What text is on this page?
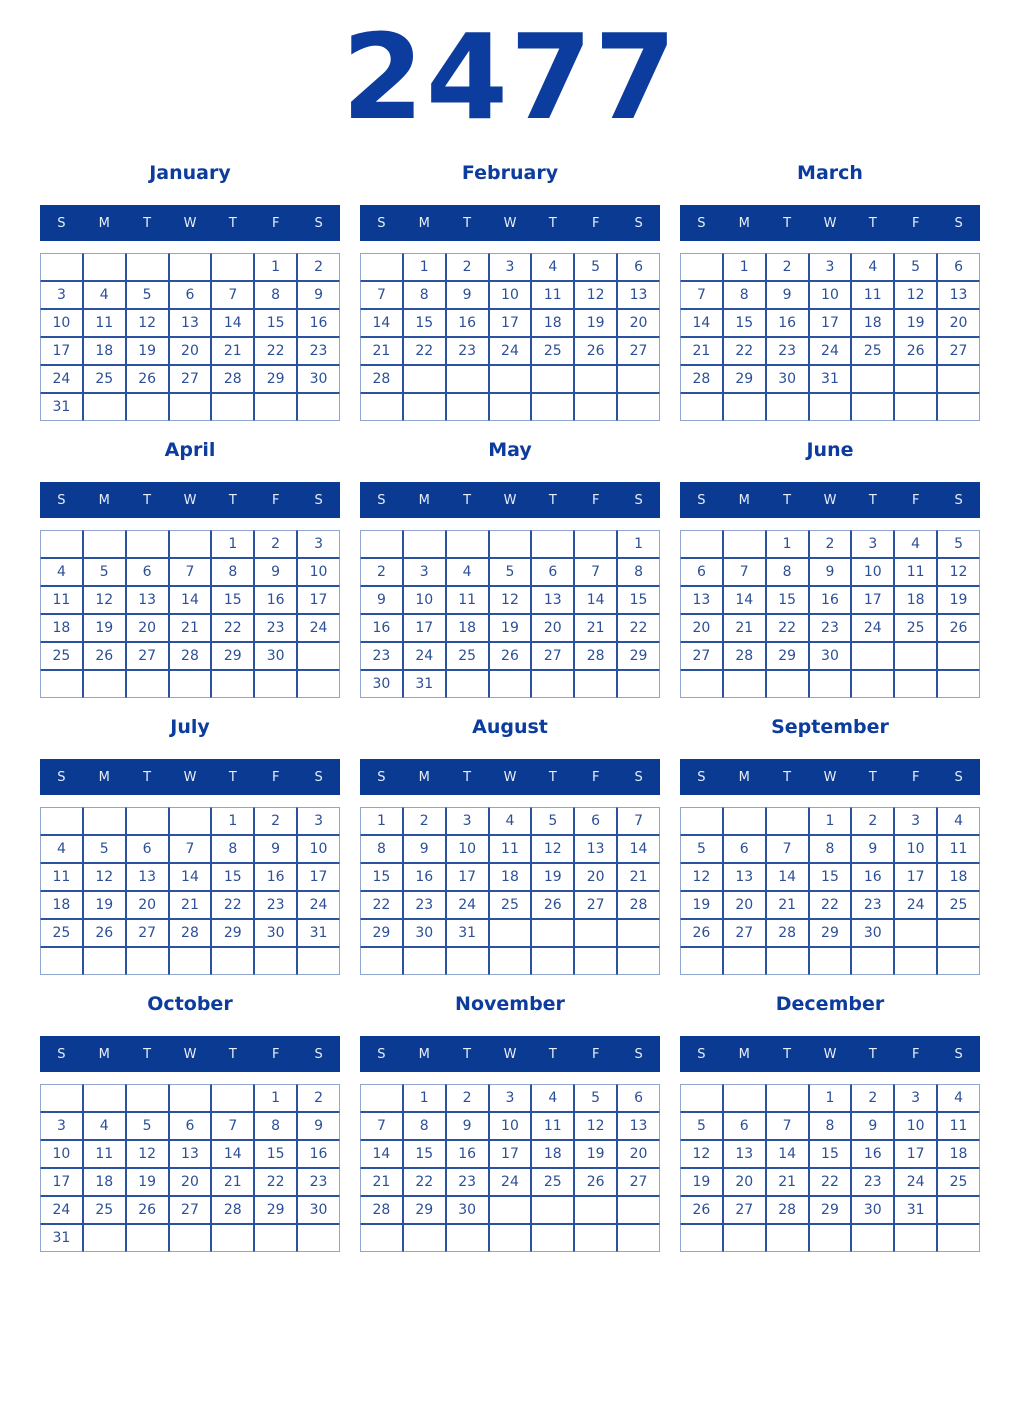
2477
January
S	M	T	W	T	F	S
					1	2
3	4	5	6	7	8	9
10	11	12	13	14	15	16
17	18	19	20	21	22	23
24	25	26	27	28	29	30
31						
February
S	M	T	W	T	F	S
	1	2	3	4	5	6
7	8	9	10	11	12	13
14	15	16	17	18	19	20
21	22	23	24	25	26	27
28						

March
S	M	T	W	T	F	S
	1	2	3	4	5	6
7	8	9	10	11	12	13
14	15	16	17	18	19	20
21	22	23	24	25	26	27
28	29	30	31			

April
S	M	T	W	T	F	S
				1	2	3
4	5	6	7	8	9	10
11	12	13	14	15	16	17
18	19	20	21	22	23	24
25	26	27	28	29	30	

May
S	M	T	W	T	F	S
						1
2	3	4	5	6	7	8
9	10	11	12	13	14	15
16	17	18	19	20	21	22
23	24	25	26	27	28	29
30	31					
June
S	M	T	W	T	F	S
		1	2	3	4	5
6	7	8	9	10	11	12
13	14	15	16	17	18	19
20	21	22	23	24	25	26
27	28	29	30			

July
S	M	T	W	T	F	S
				1	2	3
4	5	6	7	8	9	10
11	12	13	14	15	16	17
18	19	20	21	22	23	24
25	26	27	28	29	30	31

August
S	M	T	W	T	F	S
1	2	3	4	5	6	7
8	9	10	11	12	13	14
15	16	17	18	19	20	21
22	23	24	25	26	27	28
29	30	31				

September
S	M	T	W	T	F	S
			1	2	3	4
5	6	7	8	9	10	11
12	13	14	15	16	17	18
19	20	21	22	23	24	25
26	27	28	29	30		

October
S	M	T	W	T	F	S
					1	2
3	4	5	6	7	8	9
10	11	12	13	14	15	16
17	18	19	20	21	22	23
24	25	26	27	28	29	30
31						
November
S	M	T	W	T	F	S
	1	2	3	4	5	6
7	8	9	10	11	12	13
14	15	16	17	18	19	20
21	22	23	24	25	26	27
28	29	30				

December
S	M	T	W	T	F	S
			1	2	3	4
5	6	7	8	9	10	11
12	13	14	15	16	17	18
19	20	21	22	23	24	25
26	27	28	29	30	31	
